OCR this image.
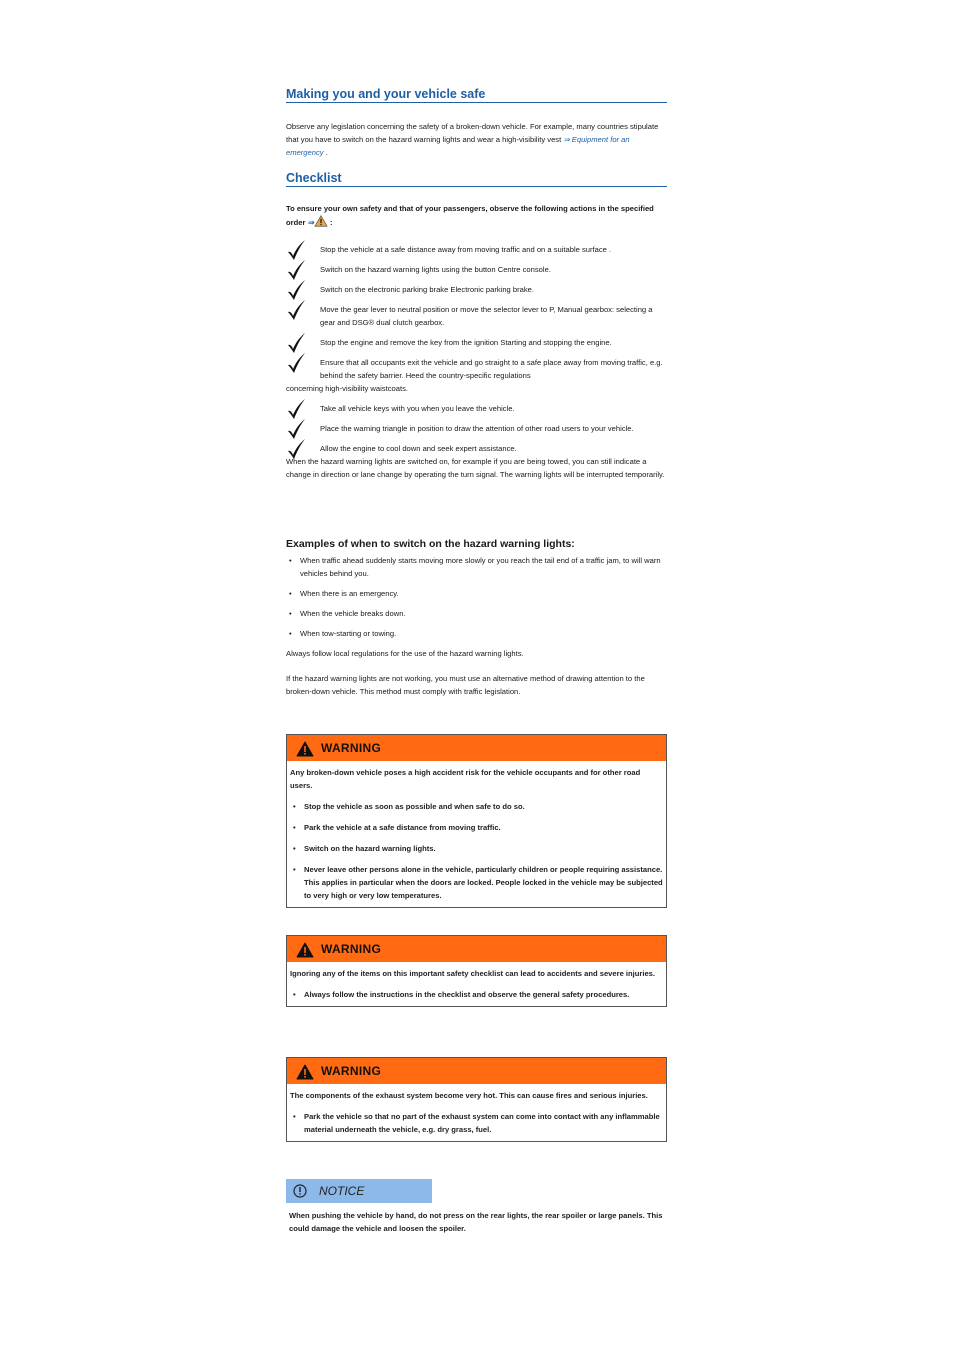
Making you and your vehicle safe

Observe any legislation concerning the safety of a broken-down vehicle. For example, many countries stipulate that you have to switch on the hazard warning lights and wear a high-visibility vest ⇒ Equipment for an emergency .

Checklist

To ensure your own safety and that of your passengers, observe the following actions in the specified order ⇒ :

Stop the vehicle at a safe distance away from moving traffic and on a suitable surface .
Switch on the hazard warning lights using the button Centre console.
Switch on the electronic parking brake Electronic parking brake.
Move the gear lever to neutral position or move the selector lever to P, Manual gearbox: selecting a gear and DSG® dual clutch gearbox.
Stop the engine and remove the key from the ignition Starting and stopping the engine.
Ensure that all occupants exit the vehicle and go straight to a safe place away from moving traffic, e.g. behind the safety barrier. Heed the country-specific regulations
concerning high-visibility waistcoats.
Take all vehicle keys with you when you leave the vehicle.
Place the warning triangle in position to draw the attention of other road users to your vehicle.
Allow the engine to cool down and seek expert assistance.

When the hazard warning lights are switched on, for example if you are being towed, you can still indicate a change in direction or lane change by operating the turn signal. The warning lights will be interrupted temporarily.

Examples of when to switch on the hazard warning lights:
• When traffic ahead suddenly starts moving more slowly or you reach the tail end of a traffic jam, to will warn vehicles behind you.
• When there is an emergency.
• When the vehicle breaks down.
• When tow-starting or towing.

Always follow local regulations for the use of the hazard warning lights.

If the hazard warning lights are not working, you must use an alternative method of drawing attention to the broken-down vehicle. This method must comply with traffic legislation.

WARNING
Any broken-down vehicle poses a high accident risk for the vehicle occupants and for other road users.
• Stop the vehicle as soon as possible and when safe to do so.
• Park the vehicle at a safe distance from moving traffic.
• Switch on the hazard warning lights.
• Never leave other persons alone in the vehicle, particularly children or people requiring assistance. This applies in particular when the doors are locked. People locked in the vehicle may be subjected to very high or very low temperatures.
WARNING
Ignoring any of the items on this important safety checklist can lead to accidents and severe injuries.
• Always follow the instructions in the checklist and observe the general safety procedures.
WARNING
The components of the exhaust system become very hot. This can cause fires and serious injuries.
• Park the vehicle so that no part of the exhaust system can come into contact with any inflammable material underneath the vehicle, e.g. dry grass, fuel.
NOTICE

When pushing the vehicle by hand, do not press on the rear lights, the rear spoiler or large panels. This could damage the vehicle and loosen the spoiler.
